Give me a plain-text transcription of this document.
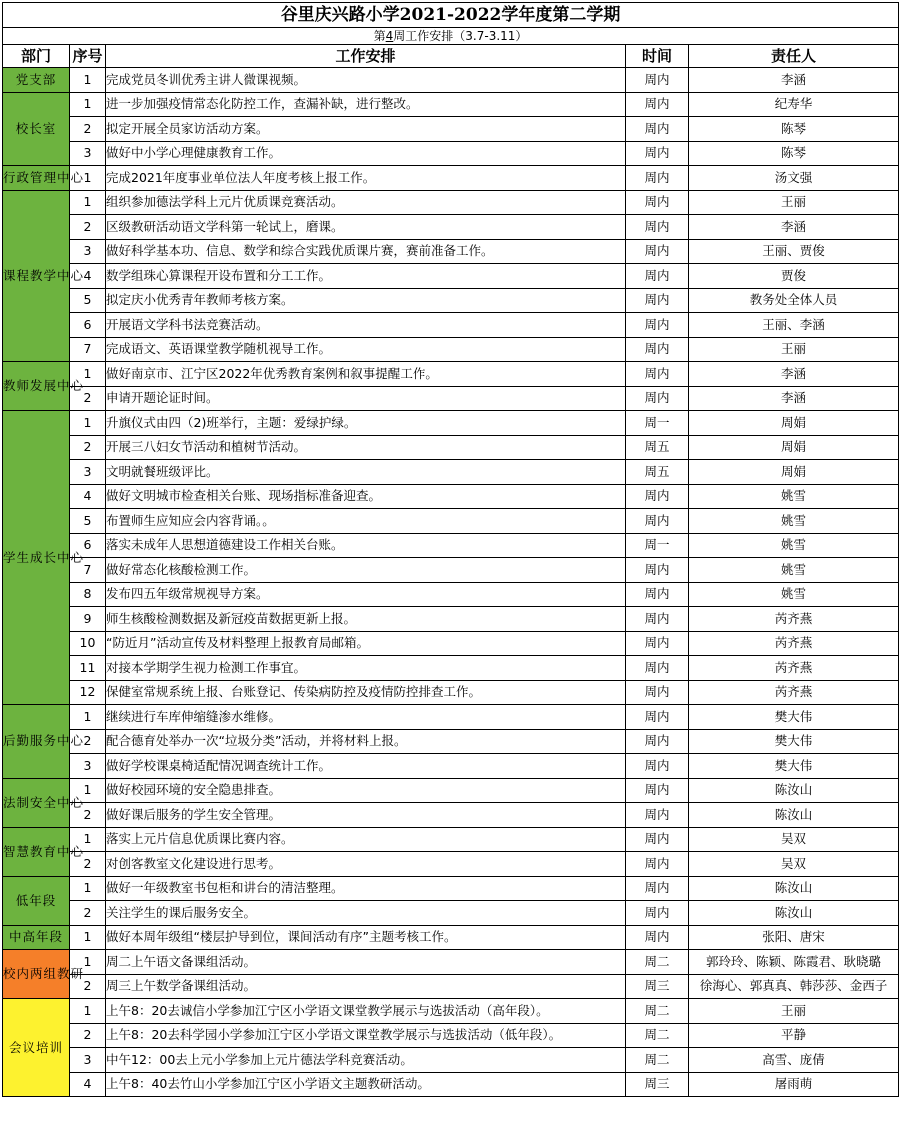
谷里庆兴路小学2021-2022学年度第二学期				
第4周工作安排（3.7-3.11）				
部门	序号	工作安排	时间	责任人
党支部	1	完成党员冬训优秀主讲人微课视频。	周内	李涵
校长室	1	进一步加强疫情常态化防控工作，查漏补缺，进行整改。	周内	纪寿华
	2	拟定开展全员家访活动方案。	周内	陈琴
	3	做好中小学心理健康教育工作。	周内	陈琴
行政管理中心	1	完成2021年度事业单位法人年度考核上报工作。	周内	汤文强
课程教学中心	1	组织参加德法学科上元片优质课竞赛活动。	周内	王丽
	2	区级教研活动语文学科第一轮试上，磨课。	周内	李涵
	3	做好科学基本功、信息、数学和综合实践优质课片赛，赛前准备工作。	周内	王丽、贾俊
	4	数学组珠心算课程开设布置和分工工作。	周内	贾俊
	5	拟定庆小优秀青年教师考核方案。	周内	教务处全体人员
	6	开展语文学科书法竞赛活动。	周内	王丽、李涵
	7	完成语文、英语课堂教学随机视导工作。	周内	王丽
教师发展中心	1	做好南京市、江宁区2022年优秀教育案例和叙事提醒工作。	周内	李涵
	2	申请开题论证时间。	周内	李涵
学生成长中心	1	升旗仪式由四（2)班举行，主题：爱绿护绿。	周一	周娟
	2	开展三八妇女节活动和植树节活动。	周五	周娟
	3	文明就餐班级评比。	周五	周娟
	4	做好文明城市检查相关台账、现场指标准备迎查。	周内	姚雪
	5	布置师生应知应会内容背诵。。	周内	姚雪
	6	落实未成年人思想道德建设工作相关台账。	周一	姚雪
	7	做好常态化核酸检测工作。	周内	姚雪
	8	发布四五年级常规视导方案。	周内	姚雪
	9	师生核酸检测数据及新冠疫苗数据更新上报。	周内	芮齐燕
	10	“防近月”活动宣传及材料整理上报教育局邮箱。	周内	芮齐燕
	11	对接本学期学生视力检测工作事宜。	周内	芮齐燕
	12	保健室常规系统上报、台账登记、传染病防控及疫情防控排查工作。	周内	芮齐燕
后勤服务中心	1	继续进行车库伸缩缝渗水维修。	周内	樊大伟
	2	配合德育处举办一次“垃圾分类”活动，并将材料上报。	周内	樊大伟
	3	做好学校课桌椅适配情况调查统计工作。	周内	樊大伟
法制安全中心	1	做好校园环境的安全隐患排查。	周内	陈汝山
	2	做好课后服务的学生安全管理。	周内	陈汝山
智慧教育中心	1	落实上元片信息优质课比赛内容。	周内	吴双
	2	对创客教室文化建设进行思考。	周内	吴双
低年段	1	做好一年级教室书包柜和讲台的清洁整理。	周内	陈汝山
	2	关注学生的课后服务安全。	周内	陈汝山
中高年段	1	做好本周年级组“楼层护导到位，课间活动有序”主题考核工作。	周内	张阳、唐宋
校内两组教研	1	周二上午语文备课组活动。	周二	郭玲玲、陈颖、陈霞君、耿晓璐
	2	周三上午数学备课组活动。	周三	徐海心、郭真真、韩莎莎、金西子
会议培训	1	上午8：20去诚信小学参加江宁区小学语文课堂教学展示与选拔活动（高年段）。	周二	王丽
	2	上午8：20去科学园小学参加江宁区小学语文课堂教学展示与选拔活动（低年段）。	周二	平静
	3	中午12：00去上元小学参加上元片德法学科竞赛活动。	周二	高雪、庞倩
	4	上午8：40去竹山小学参加江宁区小学语文主题教研活动。	周三	屠雨萌
